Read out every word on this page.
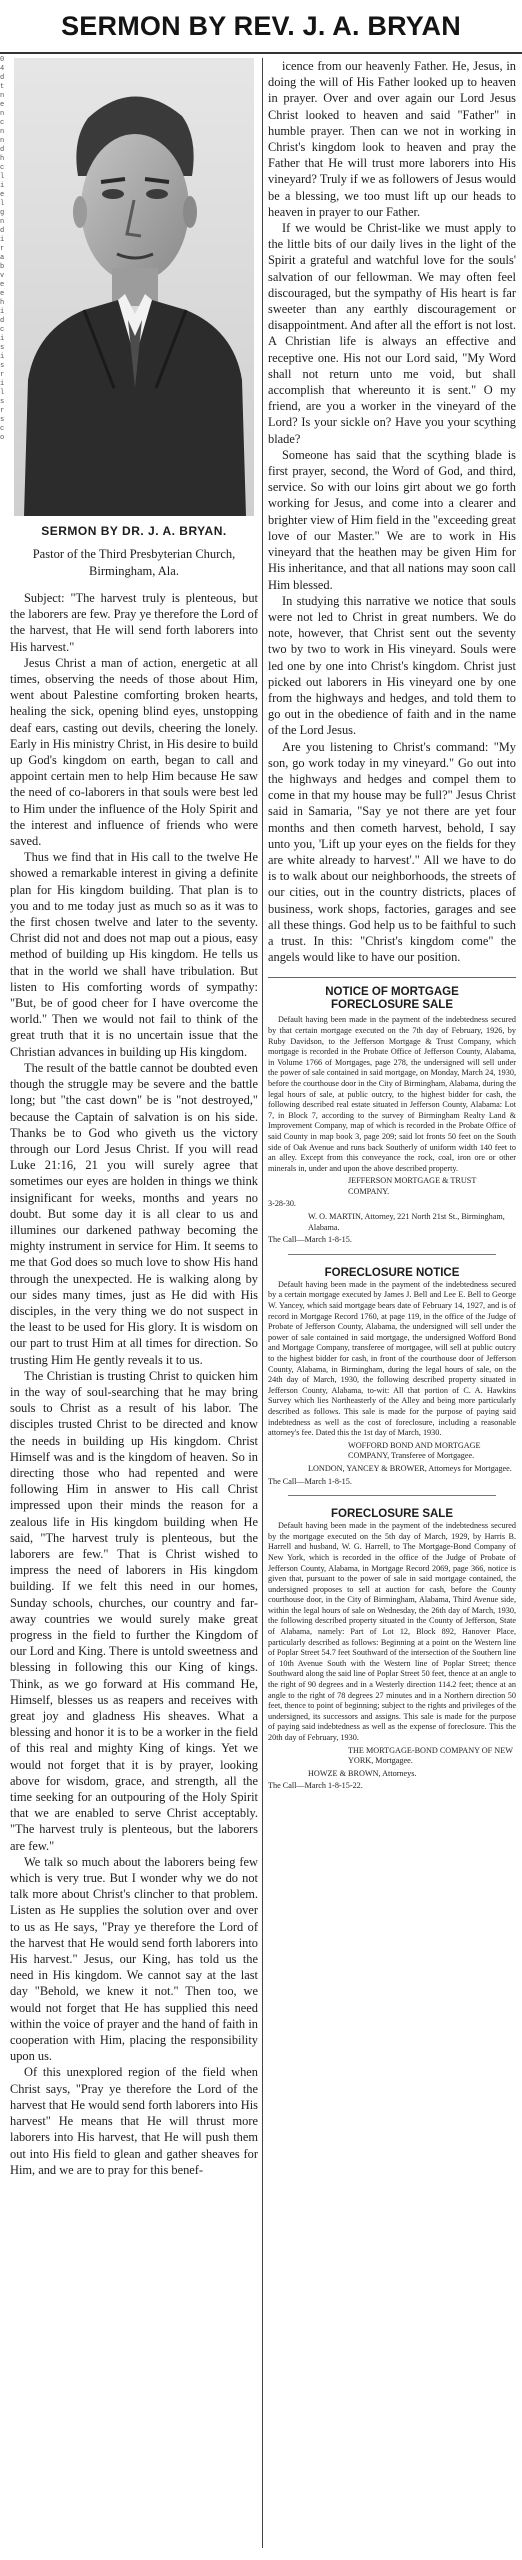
SERMON BY REV. J. A. BRYAN
04 d t nen c n n dh cli e lg ndir ab ve eh id cis is ri ls rs co
SERMON BY DR. J. A. BRYAN.
Pastor of the Third Presbyterian Church, Birmingham, Ala.

Subject: "The harvest truly is plenteous, but the laborers are few. Pray ye therefore the Lord of the harvest, that He will send forth laborers into His harvest."

Jesus Christ a man of action, energetic at all times, observing the needs of those about Him, went about Palestine comforting broken hearts, healing the sick, opening blind eyes, unstopping deaf ears, casting out devils, cheering the lonely. Early in His ministry Christ, in His desire to build up God's kingdom on earth, began to call and appoint certain men to help Him because He saw the need of co-laborers in that souls were best led to Him under the influence of the Holy Spirit and the interest and influence of friends who were saved.

Thus we find that in His call to the twelve He showed a remarkable interest in giving a definite plan for His kingdom building. That plan is to you and to me today just as much so as it was to the first chosen twelve and later to the seventy. Christ did not and does not map out a pious, easy method of building up His kingdom. He tells us that in the world we shall have tribulation. But listen to His comforting words of sympathy: "But, be of good cheer for I have overcome the world." Then we would not fail to think of the great truth that it is no uncertain issue that the Christian advances in building up His kingdom.

The result of the battle cannot be doubted even though the struggle may be severe and the battle long; but "the cast down" be is "not destroyed," because the Captain of salvation is on his side. Thanks be to God who giveth us the victory through our Lord Jesus Christ. If you will read Luke 21:16, 21 you will surely agree that sometimes our eyes are holden in things we think insignificant for weeks, months and years no doubt. But some day it is all clear to us and illumines our darkened pathway becoming the mighty instrument in service for Him. It seems to me that God does so much love to show His hand through the unexpected. He is walking along by our sides many times, just as He did with His disciples, in the very thing we do not suspect in the least to be used for His glory. It is wisdom on our part to trust Him at all times for direction. So trusting Him He gently reveals it to us.

The Christian is trusting Christ to quicken him in the way of soul-searching that he may bring souls to Christ as a result of his labor. The disciples trusted Christ to be directed and know the needs in building up His kingdom. Christ Himself was and is the kingdom of heaven. So in directing those who had repented and were following Him in answer to His call Christ impressed upon their minds the reason for a zealous life in His kingdom building when He said, "The harvest truly is plenteous, but the laborers are few." That is Christ wished to impress the need of laborers in His kingdom building. If we felt this need in our homes, Sunday schools, churches, our country and far-away countries we would surely make great progress in the field to further the Kingdom of our Lord and King. There is untold sweetness and blessing in following this our King of kings. Think, as we go forward at His command He, Himself, blesses us as reapers and receives with great joy and gladness His sheaves. What a blessing and honor it is to be a worker in the field of this real and mighty King of kings. Yet we would not forget that it is by prayer, looking above for wisdom, grace, and strength, all the time seeking for an outpouring of the Holy Spirit that we are enabled to serve Christ acceptably. "The harvest truly is plenteous, but the laborers are few."

We talk so much about the laborers being few which is very true. But I wonder why we do not talk more about Christ's clincher to that problem. Listen as He supplies the solution over and over to us as He says, "Pray ye therefore the Lord of the harvest that He would send forth laborers into His harvest." Jesus, our King, has told us the need in His kingdom. We cannot say at the last day "Behold, we knew it not." Then too, we would not forget that He has supplied this need within the voice of prayer and the hand of faith in cooperation with Him, placing the responsibility upon us.

Of this unexplored region of the field when Christ says, "Pray ye therefore the Lord of the harvest that He would send forth laborers into His harvest" He means that He will thrust more laborers into His harvest, that He will push them out into His field to glean and gather sheaves for Him, and we are to pray for this benef-

icence from our heavenly Father. He, Jesus, in doing the will of His Father looked up to heaven in prayer. Over and over again our Lord Jesus Christ looked to heaven and said "Father" in humble prayer. Then can we not in working in Christ's kingdom look to heaven and pray the Father that He will trust more laborers into His vineyard? Truly if we as followers of Jesus would be a blessing, we too must lift up our heads to heaven in prayer to our Father.

If we would be Christ-like we must apply to the little bits of our daily lives in the light of the Spirit a grateful and watchful love for the souls' salvation of our fellowman. We may often feel discouraged, but the sympathy of His heart is far sweeter than any earthly discouragement or disappointment. And after all the effort is not lost. A Christian life is always an effective and receptive one. His not our Lord said, "My Word shall not return unto me void, but shall accomplish that whereunto it is sent." O my friend, are you a worker in the vineyard of the Lord? Is your sickle on? Have you your scything blade?

Someone has said that the scything blade is first prayer, second, the Word of God, and third, service. So with our loins girt about we go forth working for Jesus, and come into a clearer and brighter view of Him field in the "exceeding great love of our Master." We are to work in His vineyard that the heathen may be given Him for His inheritance, and that all nations may soon call Him blessed.

In studying this narrative we notice that souls were not led to Christ in great numbers. We do note, however, that Christ sent out the seventy two by two to work in His vineyard. Souls were led one by one into Christ's kingdom. Christ just picked out laborers in His vineyard one by one from the highways and hedges, and told them to go out in the obedience of faith and in the name of the Lord Jesus.

Are you listening to Christ's command: "My son, go work today in my vineyard." Go out into the highways and hedges and compel them to come in that my house may be full?" Jesus Christ said in Samaria, "Say ye not there are yet four months and then cometh harvest, behold, I say unto you, 'Lift up your eyes on the fields for they are white already to harvest'." All we have to do is to walk about our neighborhoods, the streets of our cities, out in the country districts, places of business, work shops, factories, garages and see all these things. God help us to be faithful to such a trust. In this: "Christ's kingdom come" the angels would like to have our position.

NOTICE OF MORTGAGE
FORECLOSURE SALE

Default having been made in the payment of the indebtedness secured by that certain mortgage executed on the 7th day of February, 1926, by Ruby Davidson, to the Jefferson Mortgage & Trust Company, which mortgage is recorded in the Probate Office of Jefferson County, Alabama, in Volume 1766 of Mortgages, page 278, the undersigned will sell under the power of sale contained in said mortgage, on Monday, March 24, 1930, before the courthouse door in the City of Birmingham, Alabama, during the legal hours of sale, at public outcry, to the highest bidder for cash, the following described real estate situated in Jefferson County, Alabama: Lot 7, in Block 7, according to the survey of Birmingham Realty Land & Improvement Company, map of which is recorded in the Probate Office of said County in map book 3, page 209; said lot fronts 50 feet on the South side of Oak Avenue and runs back Southerly of uniform width 140 feet to an alley. Except from this conveyance the rock, coal, iron ore or other minerals in, under and upon the above described property.

JEFFERSON MORTGAGE & TRUST COMPANY.
3-28-30.
W. O. MARTIN, Attorney, 221 North 21st St., Birmingham, Alabama.
The Call—March 1-8-15.
FORECLOSURE NOTICE

Default having been made in the payment of the indebtedness secured by a certain mortgage executed by James J. Bell and Lee E. Bell to George W. Yancey, which said mortgage bears date of February 14, 1927, and is of record in Mortgage Record 1760, at page 119, in the office of the Judge of Probate of Jefferson County, Alabama, the undersigned will sell under the power of sale contained in said mortgage, the undersigned Wofford Bond and Mortgage Company, transferee of mortgagee, will sell at public outcry to the highest bidder for cash, in front of the courthouse door of Jefferson County, Alabama, in Birmingham, during the legal hours of sale, on the 24th day of March, 1930, the following described property situated in Jefferson County, Alabama, to-wit: All that portion of C. A. Hawkins Survey which lies Northeasterly of the Alley and being more particularly described as follows. This sale is made for the purpose of paying said indebtedness as well as the cost of foreclosure, including a reasonable attorney's fee. Dated this the 1st day of March, 1930.

WOFFORD BOND AND MORTGAGE COMPANY, Transferee of Mortgagee.
LONDON, YANCEY & BROWER, Attorneys for Mortgagee.
The Call—March 1-8-15.
FORECLOSURE SALE

Default having been made in the payment of the indebtedness secured by the mortgage executed on the 5th day of March, 1929, by Harris B. Harrell and husband, W. G. Harrell, to The Mortgage-Bond Company of New York, which is recorded in the office of the Judge of Probate of Jefferson County, Alabama, in Mortgage Record 2069, page 366, notice is given that, pursuant to the power of sale in said mortgage contained, the undersigned proposes to sell at auction for cash, before the County courthouse door, in the City of Birmingham, Alabama, Third Avenue side, within the legal hours of sale on Wednesday, the 26th day of March, 1930, the following described property situated in the County of Jefferson, State of Alabama, namely: Part of Lot 12, Block 892, Hanover Place, particularly described as follows: Beginning at a point on the Western line of Poplar Street 54.7 feet Southward of the intersection of the Southern line of 10th Avenue South with the Western line of Poplar Street; thence Southward along the said line of Poplar Street 50 feet, thence at an angle to the right of 90 degrees and in a Westerly direction 114.2 feet; thence at an angle to the right of 78 degrees 27 minutes and in a Northern direction 50 feet, thence to point of beginning; subject to the rights and privileges of the undersigned, its successors and assigns. This sale is made for the purpose of paying said indebtedness as well as the expense of foreclosure. This the 20th day of February, 1930.

THE MORTGAGE-BOND COMPANY OF NEW YORK, Mortgagee.
HOWZE & BROWN, Attorneys.
The Call—March 1-8-15-22.
